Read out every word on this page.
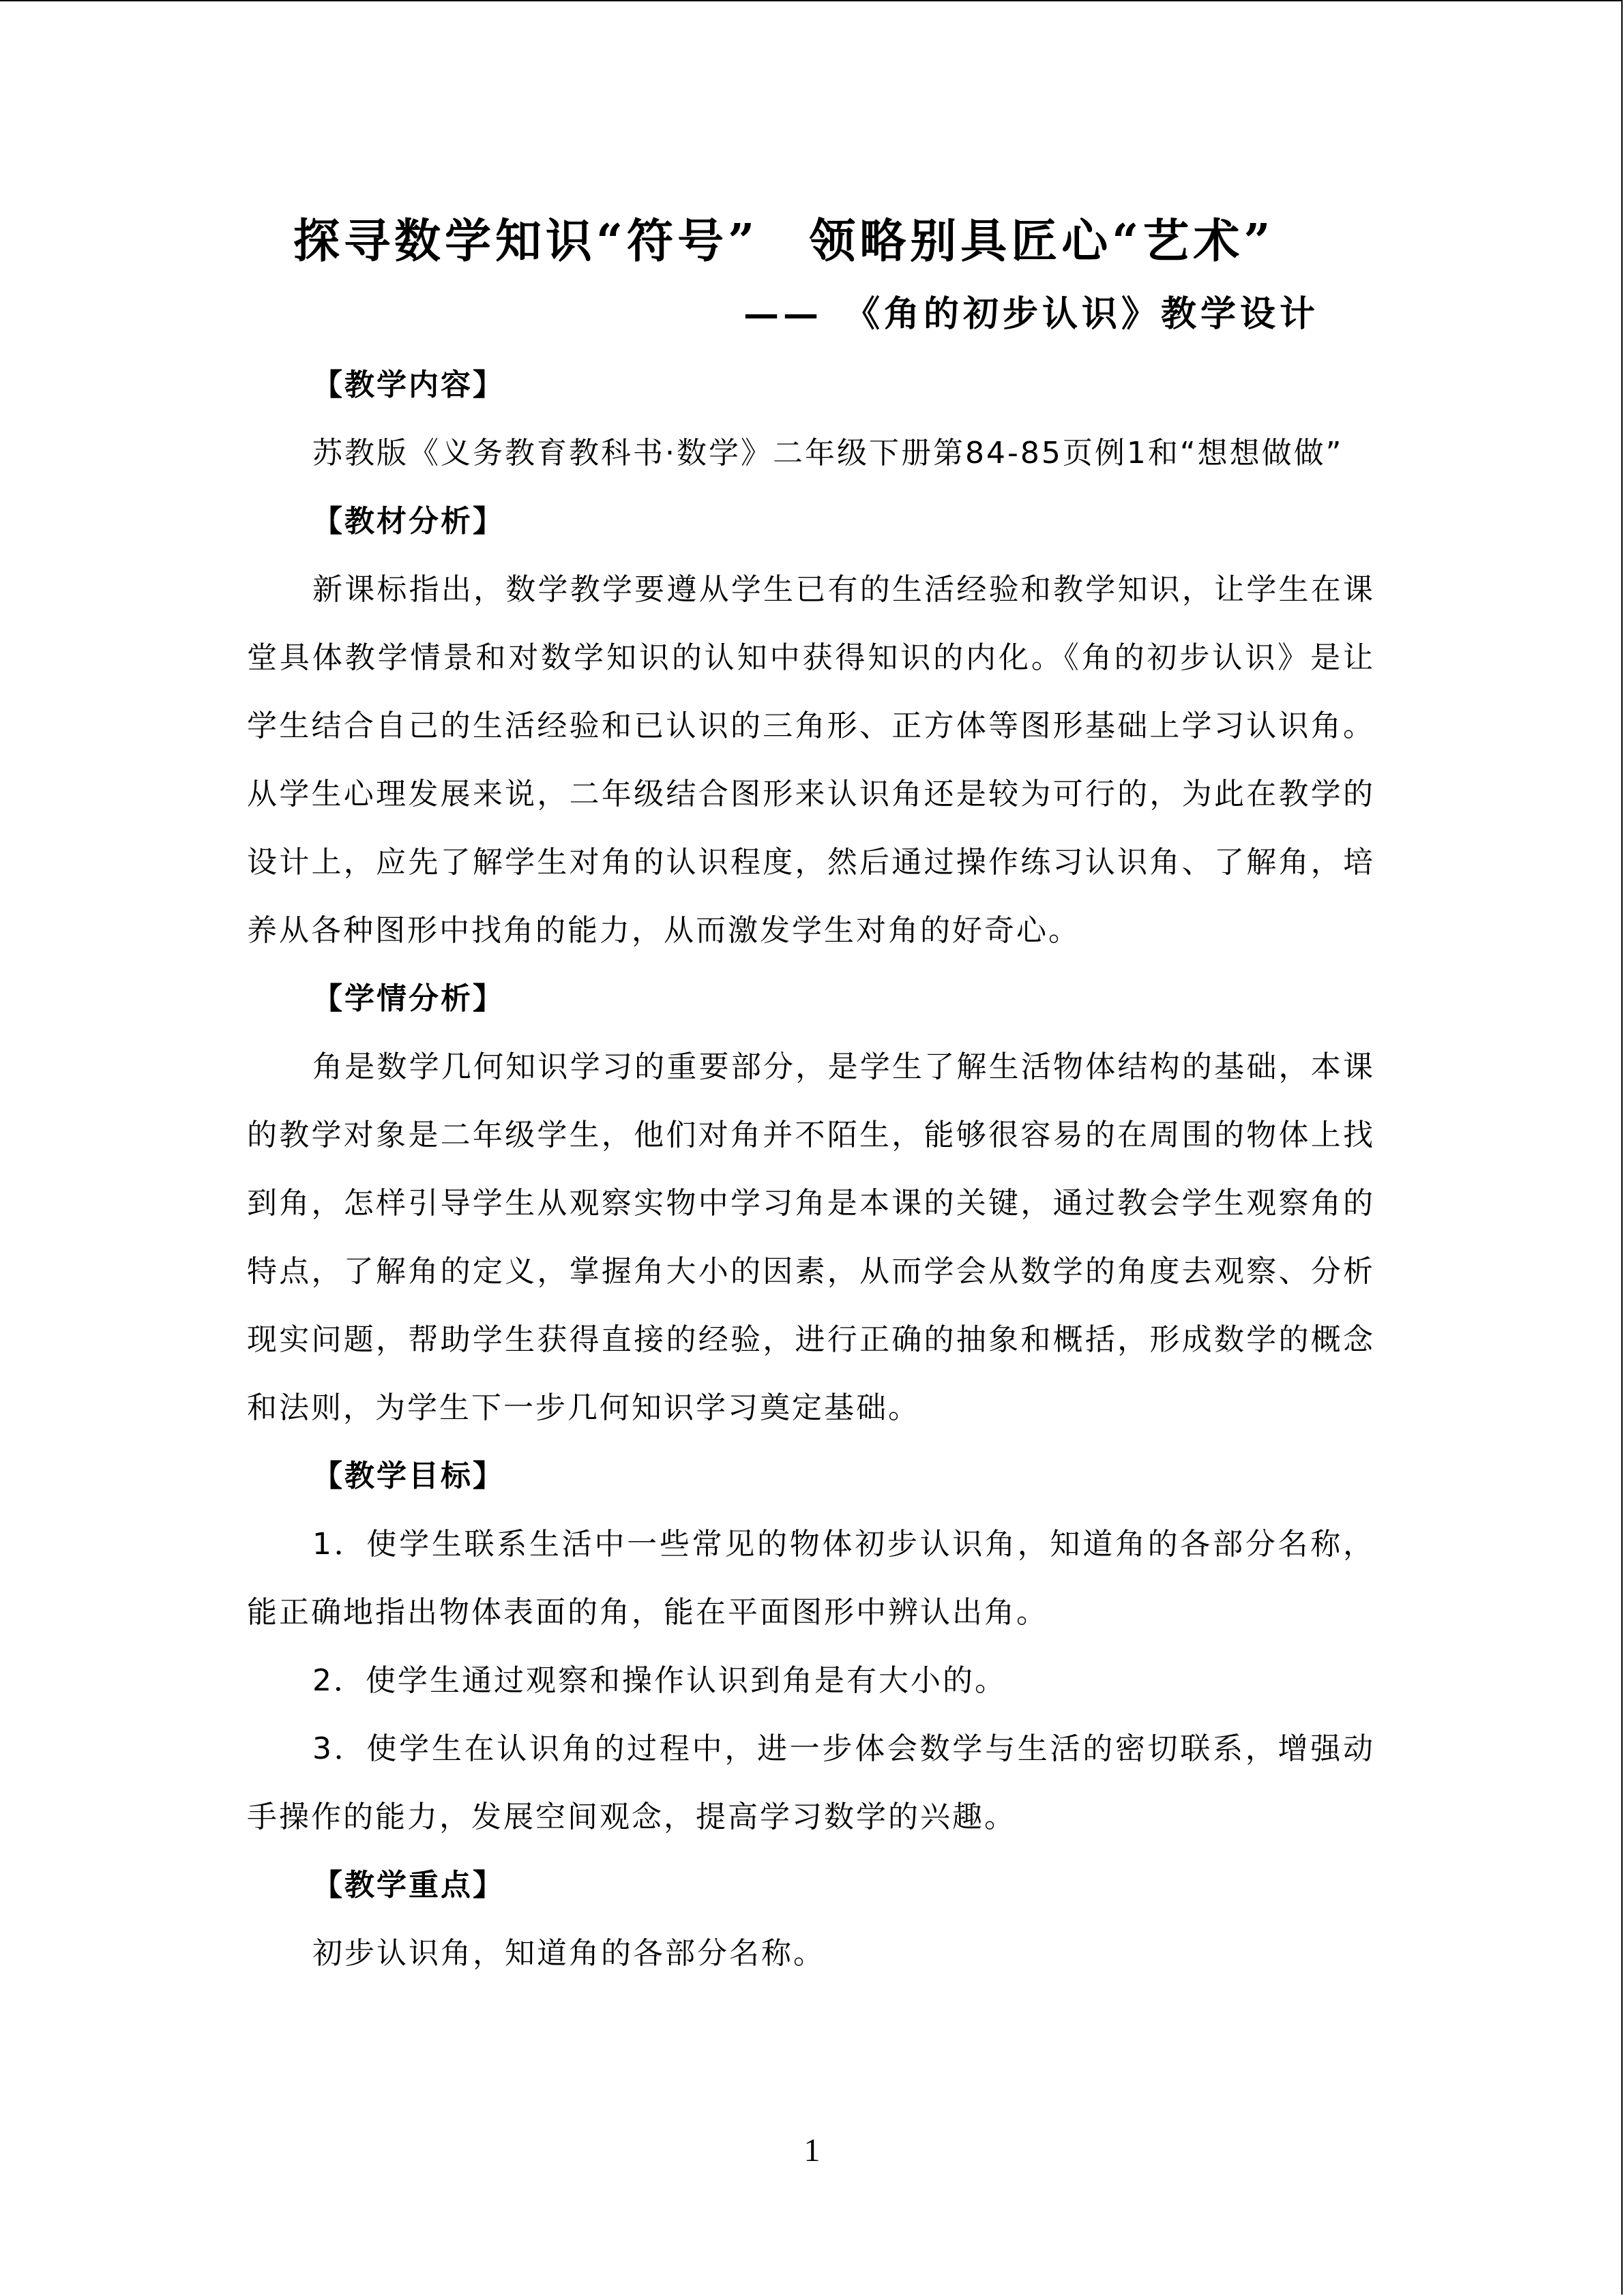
探寻数学知识“符号”　领略别具匠心“艺术”
——　《角的初步认识》教学设计

【教学内容】

苏教版《义务教育教科书·数学》二年级下册第84-85页例1和“想想做做”

【教材分析】

新课标指出，数学教学要遵从学生已有的生活经验和教学知识，让学生在课堂具体教学情景和对数学知识的认知中获得知识的内化。《角的初步认识》是让学生结合自己的生活经验和已认识的三角形、正方体等图形基础上学习认识角。从学生心理发展来说，二年级结合图形来认识角还是较为可行的，为此在教学的设计上，应先了解学生对角的认识程度，然后通过操作练习认识角、了解角，培养从各种图形中找角的能力，从而激发学生对角的好奇心。

【学情分析】

角是数学几何知识学习的重要部分，是学生了解生活物体结构的基础，本课的教学对象是二年级学生，他们对角并不陌生，能够很容易的在周围的物体上找到角，怎样引导学生从观察实物中学习角是本课的关键，通过教会学生观察角的特点，了解角的定义，掌握角大小的因素，从而学会从数学的角度去观察、分析现实问题，帮助学生获得直接的经验，进行正确的抽象和概括，形成数学的概念和法则，为学生下一步几何知识学习奠定基础。

【教学目标】

1．使学生联系生活中一些常见的物体初步认识角，知道角的各部分名称，能正确地指出物体表面的角，能在平面图形中辨认出角。

2．使学生通过观察和操作认识到角是有大小的。

3．使学生在认识角的过程中，进一步体会数学与生活的密切联系，增强动手操作的能力，发展空间观念，提高学习数学的兴趣。

【教学重点】

初步认识角，知道角的各部分名称。

1
